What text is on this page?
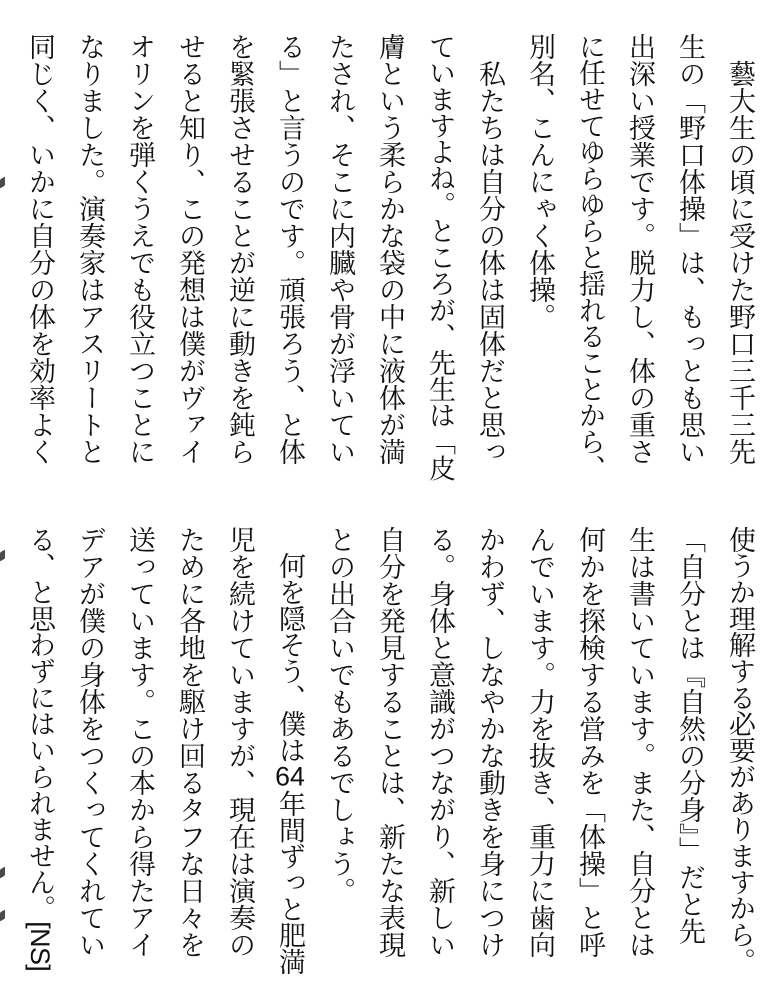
　藝大生の頃に受けた野口三千三先
生の「野口体操」は、もっとも思い
出深い授業です。脱力し、体の重さ
に任せてゆらゆらと揺れることから、
別名、こんにゃく体操。
　私たちは自分の体は固体だと思っ
ていますよね。ところが、先生は「皮
膚という柔らかな袋の中に液体が満
たされ、そこに内臓や骨が浮いてい
る」と言うのです。頑張ろう、と体
を緊張させることが逆に動きを鈍ら
せると知り、この発想は僕がヴァイ
オリンを弾くうえでも役立つことに
なりました。演奏家はアスリートと
同じく、いかに自分の体を効率よく
使うか理解する必要がありますから。
「自分とは『自然の分身』」だと先
生は書いています。また、自分とは
何かを探検する営みを「体操」と呼
んでいます。力を抜き、重力に歯向
かわず、しなやかな動きを身につけ
る。身体と意識がつながり、新しい
自分を発見することは、新たな表現
との出合いでもあるでしょう。
　何を隠そう、僕は64年間ずっと肥満
児を続けていますが、現在は演奏の
ために各地を駆け回るタフな日々を
送っています。この本から得たアイ
デアが僕の身体をつくってくれてい
る、と思わずにはいられません。[NS]
